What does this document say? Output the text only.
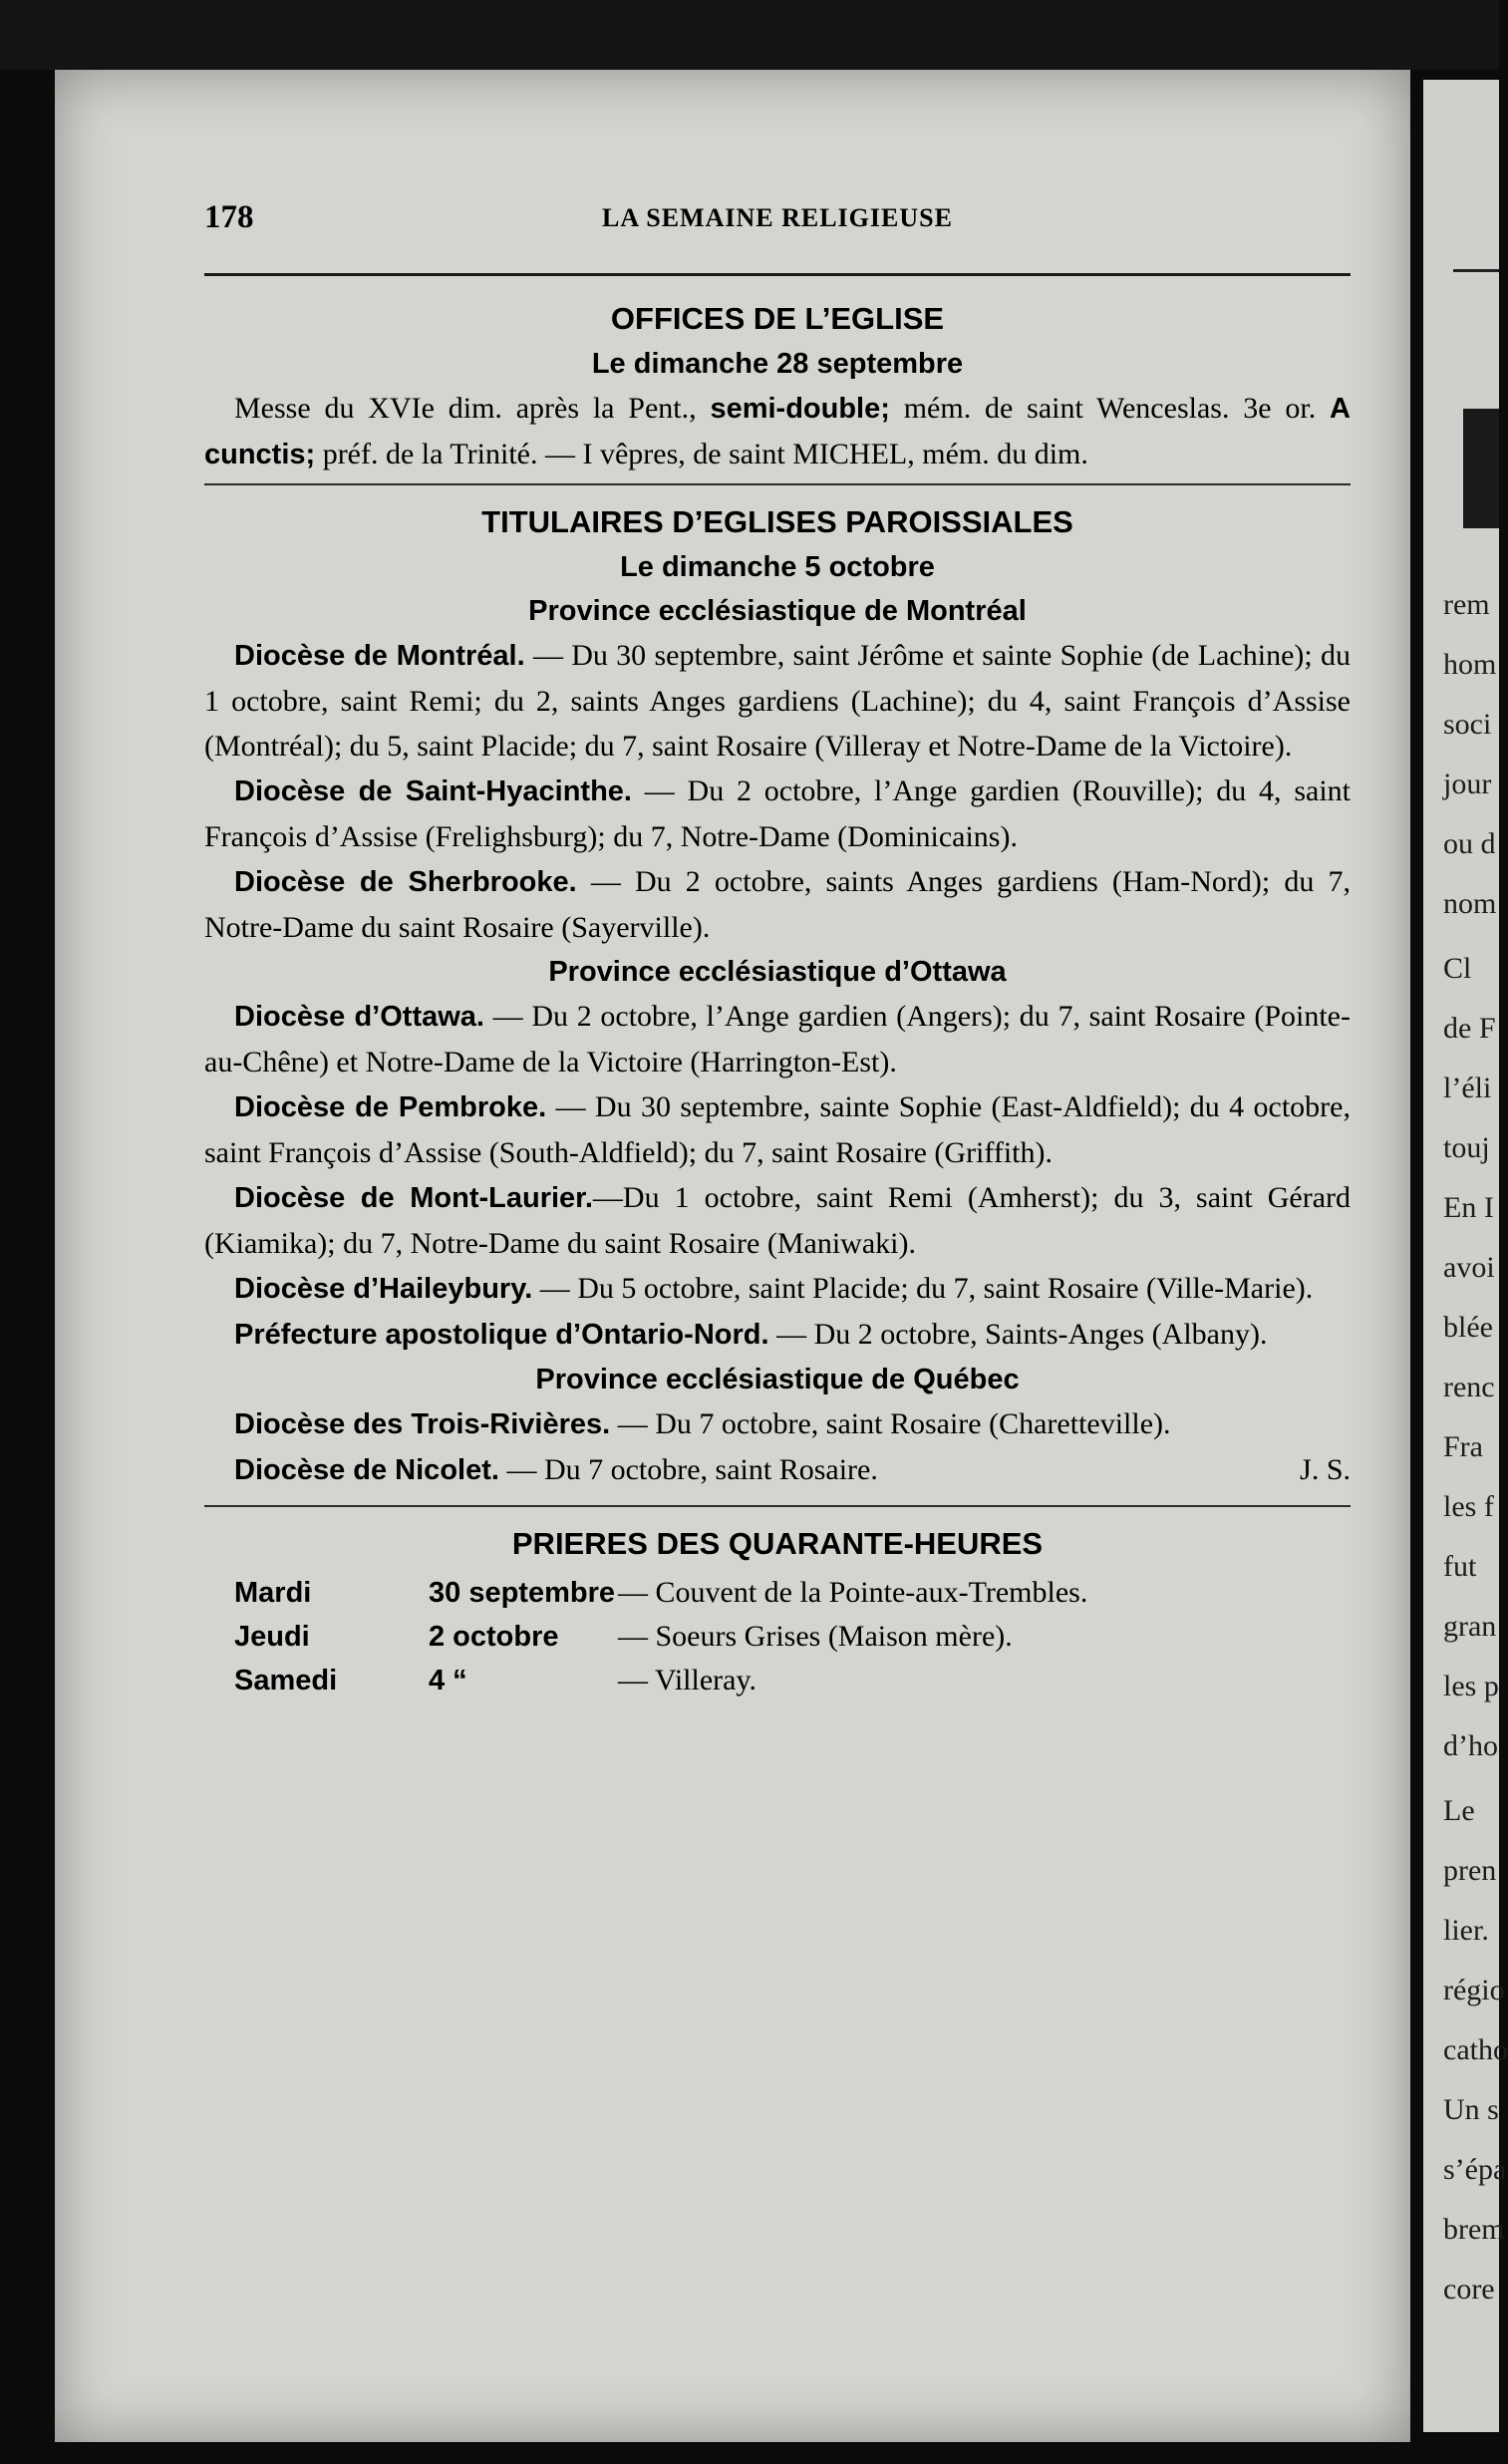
rem
hom
soci
jour
ou d
nom
Cl
de F
l’éli
touj
En I
avoi
blée
renc
Fra
les f
fut
gran
les p
d’ho
Le
pren
lier.
régio
catho
Un s
s’épa
brem
core
LA SEMAINE RELIGIEUSE
178
OFFICES DE L’EGLISE
Le dimanche 28 septembre

Messe du XVIe dim. après la Pent., semi-double; mém. de saint Wenceslas. 3e or. A cunctis; préf. de la Trinité. — I vêpres, de saint MICHEL, mém. du dim.

TITULAIRES D’EGLISES PAROISSIALES
Le dimanche 5 octobre
Province ecclésiastique de Montréal

Diocèse de Montréal. — Du 30 septembre, saint Jérôme et sainte Sophie (de Lachine); du 1 octobre, saint Remi; du 2, saints Anges gardiens (Lachine); du 4, saint François d’Assise (Montréal); du 5, saint Placide; du 7, saint Rosaire (Villeray et Notre-Dame de la Victoire).

Diocèse de Saint-Hyacinthe. — Du 2 octobre, l’Ange gardien (Rouville); du 4, saint François d’Assise (Frelighsburg); du 7, Notre-Dame (Dominicains).

Diocèse de Sherbrooke. — Du 2 octobre, saints Anges gardiens (Ham-Nord); du 7, Notre-Dame du saint Rosaire (Sayerville).

Province ecclésiastique d’Ottawa

Diocèse d’Ottawa. — Du 2 octobre, l’Ange gardien (Angers); du 7, saint Rosaire (Pointe-au-Chêne) et Notre-Dame de la Victoire (Harrington-Est).

Diocèse de Pembroke. — Du 30 septembre, sainte Sophie (East-Aldfield); du 4 octobre, saint François d’Assise (South-Aldfield); du 7, saint Rosaire (Griffith).

Diocèse de Mont-Laurier.—Du 1 octobre, saint Remi (Amherst); du 3, saint Gérard (Kiamika); du 7, Notre-Dame du saint Rosaire (Maniwaki).

Diocèse d’Haileybury. — Du 5 octobre, saint Placide; du 7, saint Rosaire (Ville-Marie).

Préfecture apostolique d’Ontario-Nord. — Du 2 octobre, Saints-Anges (Albany).

Province ecclésiastique de Québec

Diocèse des Trois-Rivières. — Du 7 octobre, saint Rosaire (Charetteville).

Diocèse de Nicolet. — Du 7 octobre, saint Rosaire.	J. S.

PRIERES DES QUARANTE-HEURES
Mardi	30 septembre — Couvent de la Pointe-aux-Trembles.
Jeudi	2 octobre	— Soeurs Grises (Maison mère).
Samedi	4 “	— Villeray.
